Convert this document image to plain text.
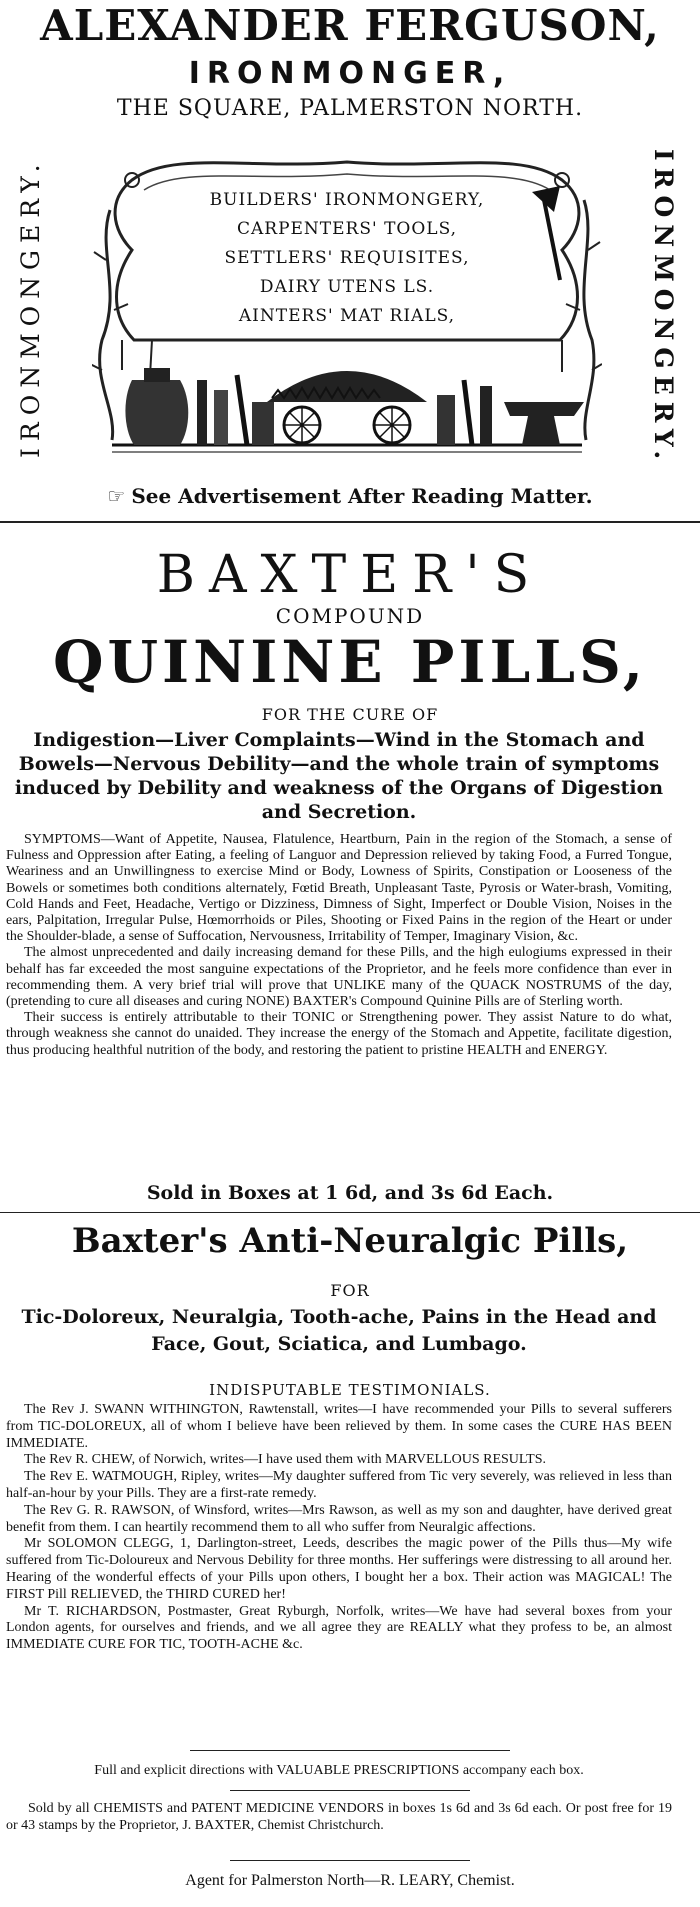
ALEXANDER FERGUSON,
IRONMONGER,
THE SQUARE, PALMERSTON NORTH.
IRONMONGERY.	IRONMONGERY.
BUILDERS' IRONMONGERY,
CARPENTERS' TOOLS,
SETTLERS' REQUISITES,
DAIRY UTENS LS.
AINTERS' MAT RIALS,
☞ See Advertisement After Reading Matter.
BAXTER'S
COMPOUND
QUININE PILLS,
FOR THE CURE OF
Indigestion—Liver Complaints—Wind in the Stomach and Bowels—Nervous Debility—and the whole train of symptoms induced by Debility and weakness of the Organs of Digestion and Secretion.

SYMPTOMS—Want of Appetite, Nausea, Flatulence, Heartburn, Pain in the region of the Stomach, a sense of Fulness and Oppression after Eating, a feeling of Languor and Depression relieved by taking Food, a Furred Tongue, Weariness and an Unwillingness to exercise Mind or Body, Lowness of Spirits, Constipation or Looseness of the Bowels or sometimes both conditions alternately, Fœtid Breath, Unpleasant Taste, Pyrosis or Water-brash, Vomiting, Cold Hands and Feet, Headache, Vertigo or Dizziness, Dimness of Sight, Imperfect or Double Vision, Noises in the ears, Palpitation, Irregular Pulse, Hœmorrhoids or Piles, Shooting or Fixed Pains in the region of the Heart or under the Shoulder-blade, a sense of Suffocation, Nervousness, Irritability of Temper, Imaginary Vision, &c.

The almost unprecedented and daily increasing demand for these Pills, and the high eulogiums expressed in their behalf has far exceeded the most sanguine expectations of the Proprietor, and he feels more confidence than ever in recommending them. A very brief trial will prove that UNLIKE many of the QUACK NOSTRUMS of the day, (pretending to cure all diseases and curing NONE) BAXTER's Compound Quinine Pills are of Sterling worth.

Their success is entirely attributable to their TONIC or Strengthening power. They assist Nature to do what, through weakness she cannot do unaided. They increase the energy of the Stomach and Appetite, facilitate digestion, thus producing healthful nutrition of the body, and restoring the patient to pristine HEALTH and ENERGY.

Sold in Boxes at 1 6d, and 3s 6d Each.
Baxter's Anti-Neuralgic Pills,
FOR
Tic-Doloreux, Neuralgia, Tooth-ache, Pains in the Head and Face, Gout, Sciatica, and Lumbago.
INDISPUTABLE TESTIMONIALS.

The Rev J. SWANN WITHINGTON, Rawtenstall, writes—I have recommended your Pills to several sufferers from TIC-DOLOREUX, all of whom I believe have been relieved by them. In some cases the CURE HAS BEEN IMMEDIATE.

The Rev R. CHEW, of Norwich, writes—I have used them with MARVELLOUS RESULTS.

The Rev E. WATMOUGH, Ripley, writes—My daughter suffered from Tic very severely, was relieved in less than half-an-hour by your Pills. They are a first-rate remedy.

The Rev G. R. RAWSON, of Winsford, writes—Mrs Rawson, as well as my son and daughter, have derived great benefit from them. I can heartily recommend them to all who suffer from Neuralgic affections.

Mr SOLOMON CLEGG, 1, Darlington-street, Leeds, describes the magic power of the Pills thus—My wife suffered from Tic-Doloureux and Nervous Debility for three months. Her sufferings were distressing to all around her. Hearing of the wonderful effects of your Pills upon others, I bought her a box. Their action was MAGICAL! The FIRST Pill RELIEVED, the THIRD CURED her!

Mr T. RICHARDSON, Postmaster, Great Ryburgh, Norfolk, writes—We have had several boxes from your London agents, for ourselves and friends, and we all agree they are REALLY what they profess to be, an almost IMMEDIATE CURE FOR TIC, TOOTH-ACHE &c.

Full and explicit directions with VALUABLE PRESCRIPTIONS accompany each box.
Sold by all CHEMISTS and PATENT MEDICINE VENDORS in boxes 1s 6d and 3s 6d each. Or post free for 19 or 43 stamps by the Proprietor, J. BAXTER, Chemist Christchurch.
Agent for Palmerston North—R. LEARY, Chemist.
